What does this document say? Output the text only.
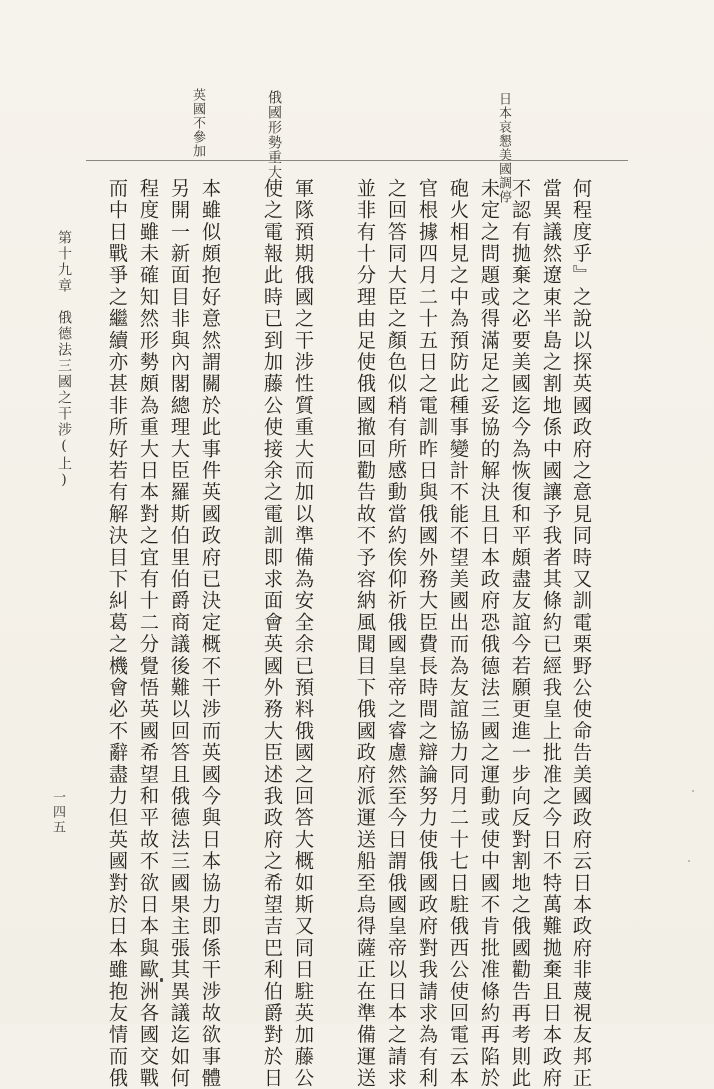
日本哀懇美國調停
俄國形勢重大
英國不參加
何程度乎』之說以探英國政府之意見同時又訓電栗野公使命告美國政府云日本政府非蔑視友邦正
當異議然遼東半島之割地係中國讓予我者其條約已經我皇上批准之今日不特萬難拋棄且日本政府
不認有拋棄之必要美國迄今為恢復和平頗盡友誼今若願更進一步向反對割地之俄國勸告再考則此
未定之問題或得滿足之妥協的解決且日本政府恐俄德法三國之運動或使中國不肯批准條約再陷於
砲火相見之中為預防此種事變計不能不望美國出而為友誼協力同月二十七日駐俄西公使回電云本
官根據四月二十五日之電訓昨日與俄國外務大臣費長時間之辯論努力使俄國政府對我請求為有利
之回答同大臣之顏色似稍有所感動當約俟仰祈俄國皇帝之睿慮然至今日謂俄國皇帝以日本之請求
並非有十分理由足使俄國撤回勸告故不予容納風聞目下俄國政府派運送船至烏得薩正在準備運送
軍隊預期俄國之干涉性質重大而加以準備為安全余已預料俄國之回答大概如斯又同日駐英加藤公
使之電報此時已到加藤公使接余之電訓即求面會英國外務大臣述我政府之希望吉巴利伯爵對於日
本雖似頗抱好意然謂關於此事件英國政府已決定概不干涉而英國今與日本協力即係干涉故欲事體
另開一新面目非與內閣總理大臣羅斯伯里伯爵商議後難以回答且俄德法三國果主張其異議迄如何
程度雖未確知然形勢頗為重大日本對之宜有十二分覺悟英國希望和平故不欲日本與歐洲各國交戰
而中日戰爭之繼續亦甚非所好若有解決目下糾葛之機會必不辭盡力但英國對於日本雖抱友情而俄
第十九章　俄德法三國之干涉(上)
一四五
